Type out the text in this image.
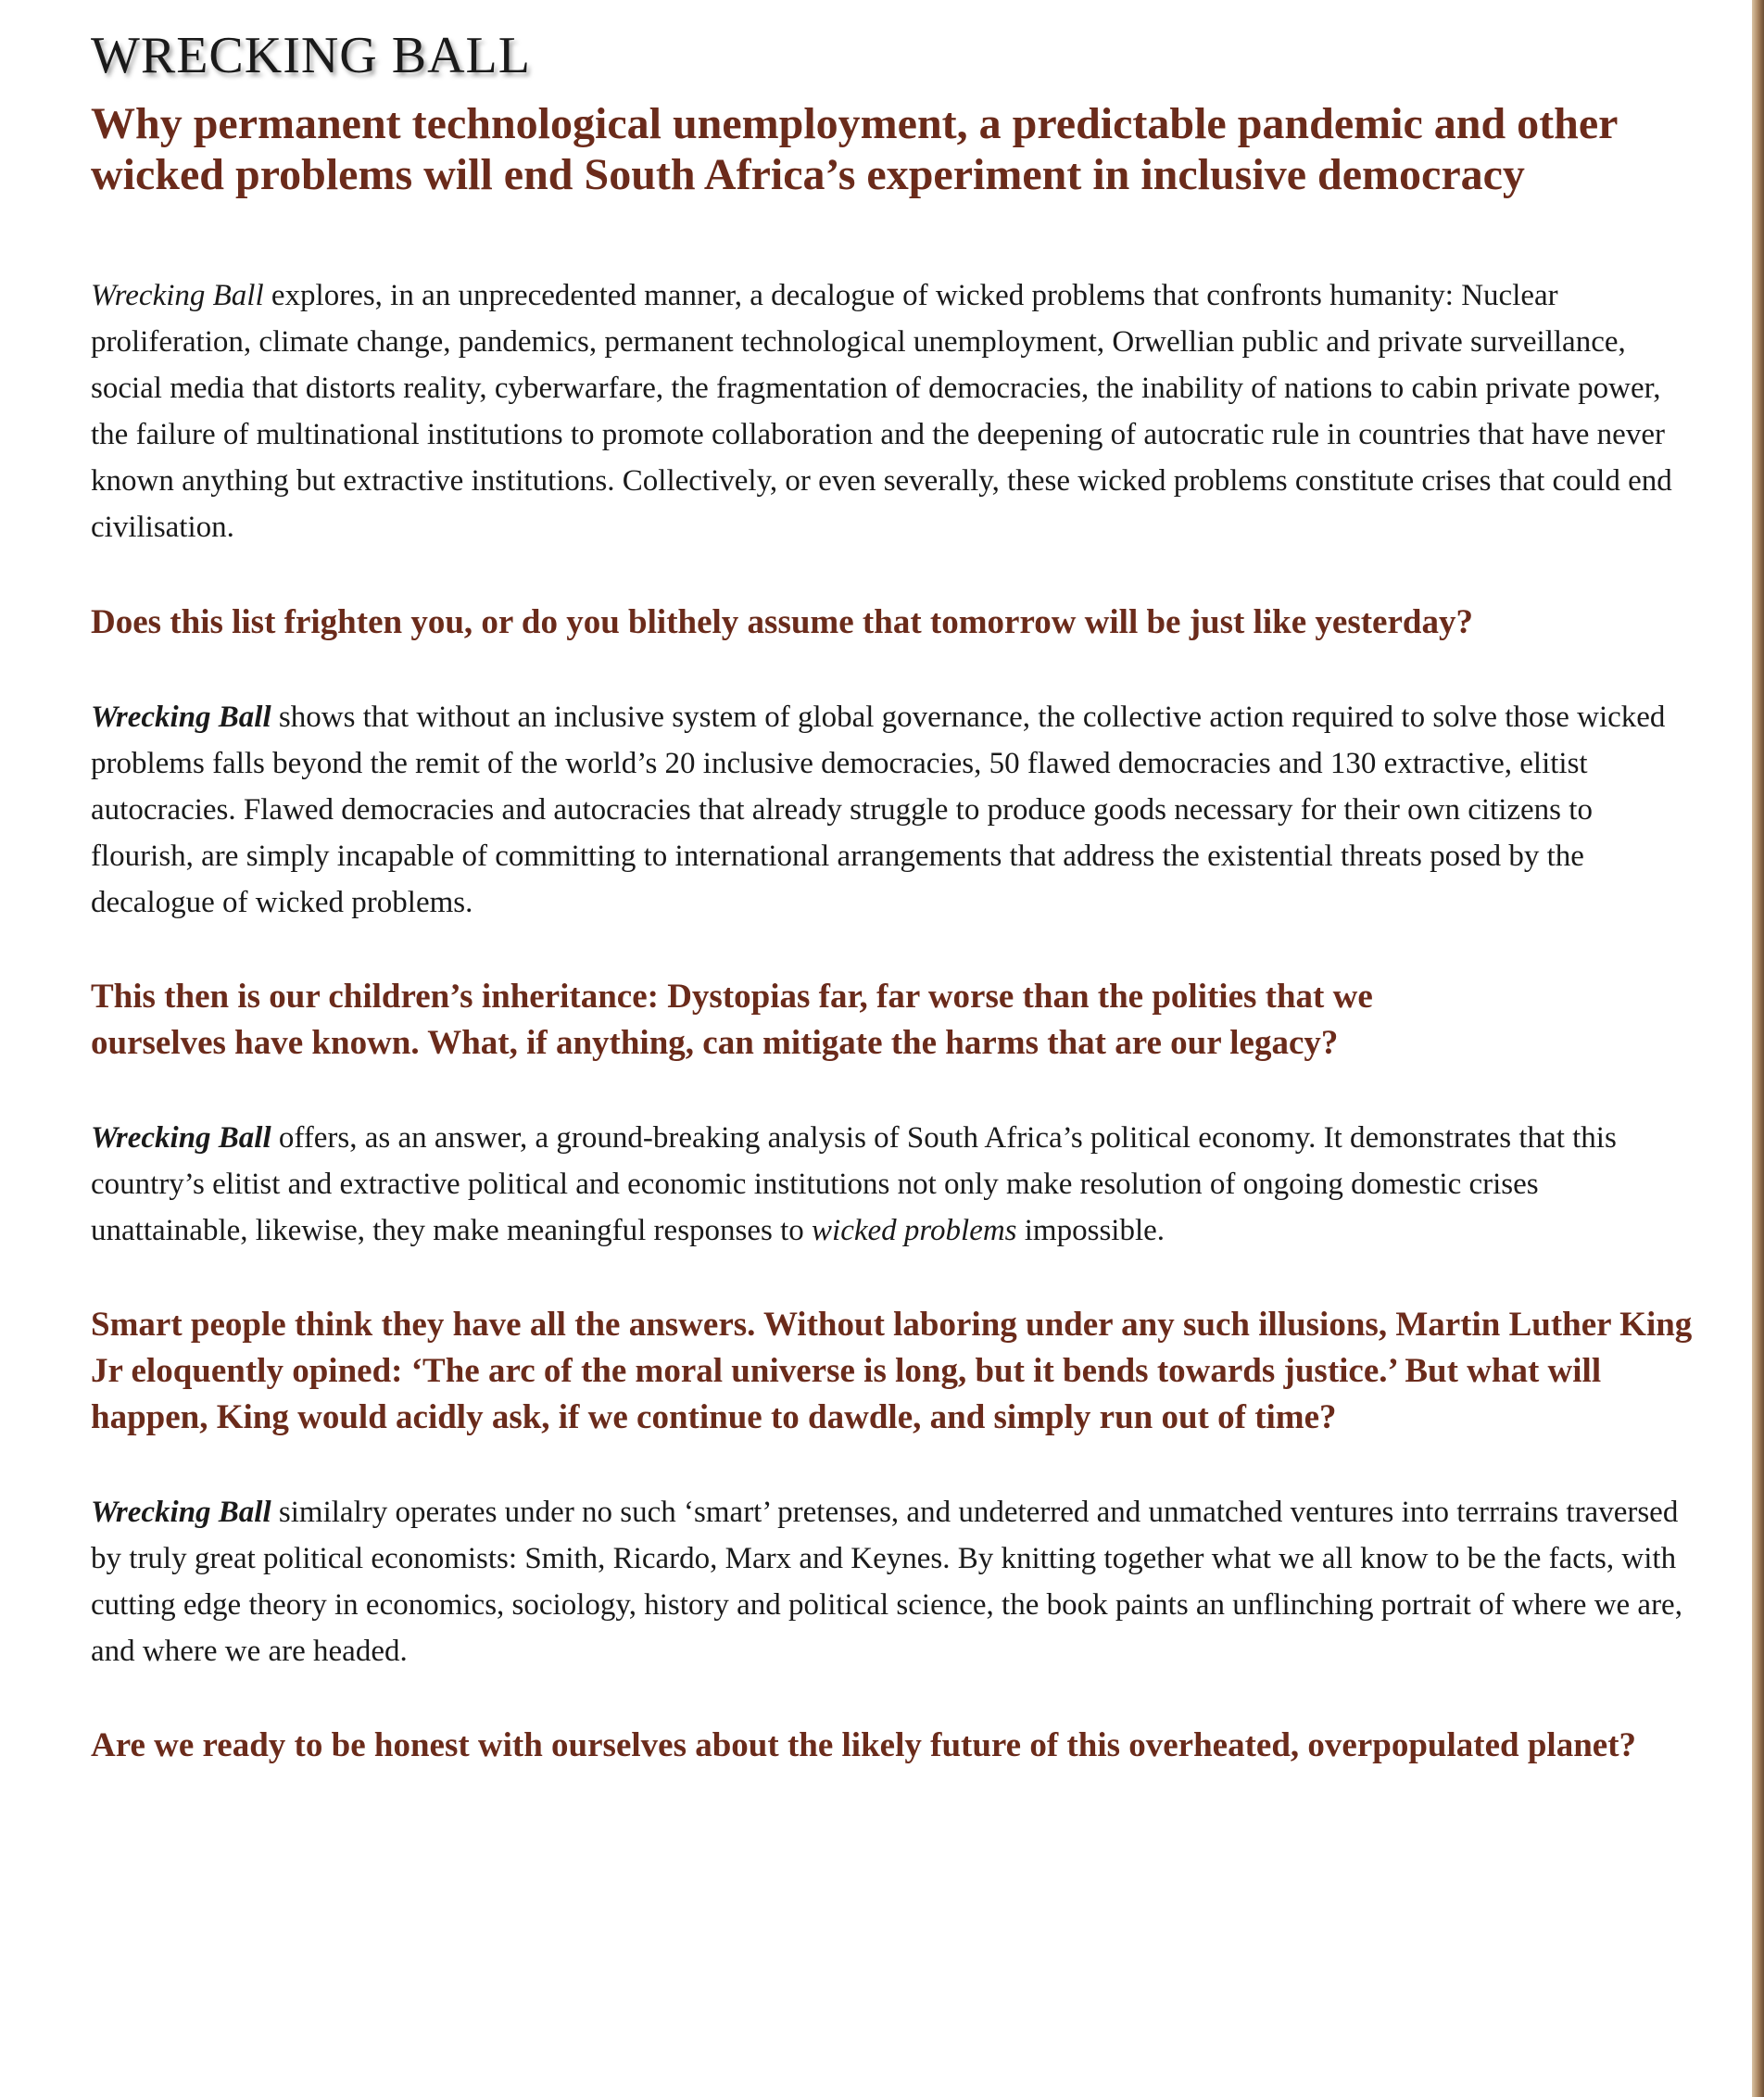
WRECKING BALL
Why permanent technological unemployment, a predictable pandemic and other wicked problems will end South Africa’s experiment in inclusive democracy

Wrecking Ball explores, in an unprecedented manner, a decalogue of wicked problems that confronts humanity: Nuclear proliferation, climate change, pandemics, permanent technological unemployment, Orwellian public and private surveillance, social media that distorts reality, cyberwarfare, the fragmentation of democracies, the inability of nations to cabin private power, the failure of multinational institutions to promote collaboration and the deepening of autocratic rule in countries that have never known anything but extractive institutions. Collectively, or even severally, these wicked problems constitute crises that could end civilisation.

Does this list frighten you, or do you blithely assume that tomorrow will be just like yesterday?

Wrecking Ball shows that without an inclusive system of global governance, the collective action required to solve those wicked problems falls beyond the remit of the world’s 20 inclusive democracies, 50 flawed democracies and 130 extractive, elitist autocracies. Flawed democracies and autocracies that already struggle to produce goods necessary for their own citizens to flourish, are simply incapable of committing to international arrangements that address the existential threats posed by the decalogue of wicked problems.

This then is our children’s inheritance: Dystopias far, far worse than the polities that we ourselves have known. What, if anything, can mitigate the harms that are our legacy?

Wrecking Ball offers, as an answer, a ground-breaking analysis of South Africa’s political economy. It demonstrates that this country’s elitist and extractive political and economic institutions not only make resolution of ongoing domestic crises unattainable, likewise, they make meaningful responses to wicked problems impossible.

Smart people think they have all the answers. Without laboring under any such illusions, Martin Luther King Jr eloquently opined: ‘The arc of the moral universe is long, but it bends towards justice.’ But what will happen, King would acidly ask, if we continue to dawdle, and simply run out of time?

Wrecking Ball similalry operates under no such ‘smart’ pretenses, and undeterred and unmatched ventures into terrrains traversed by truly great political economists: Smith, Ricardo, Marx and Keynes. By knitting together what we all know to be the facts, with cutting edge theory in economics, sociology, history and political science, the book paints an unflinching portrait of where we are, and where we are headed.

Are we ready to be honest with ourselves about the likely future of this overheated, overpopulated planet?
